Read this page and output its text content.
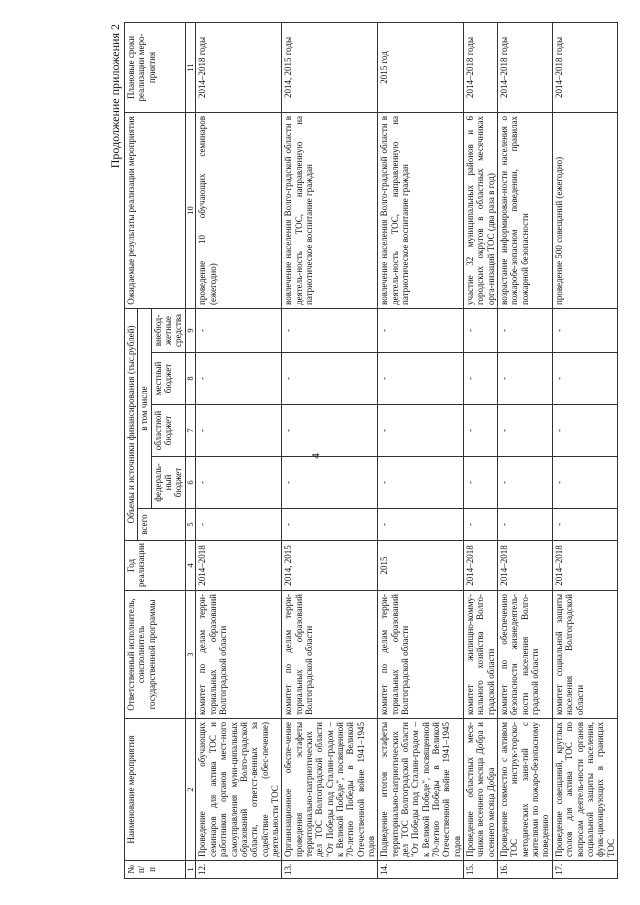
4
Продолжение приложения 2
№ п/п	Наименование мероприятия	Ответственный исполнитель, соисполнитель государственной программы	Год реализации	Объемы и источники финансирования (тыс.рублей)					Ожидаемые результаты реализации мероприятия	Плановые сроки реализации меро-приятия
				всего	в том числе					
					федераль-ный бюджет	областной бюджет	местный бюджет	внебюд-жетные средства		
1	2	3	4	5	6	7	8	9	10	11
12.	Проведение обучающих семинаров для актива ТОС и работников органов мест-ного самоуправления муни-ципальных образований Волго-градской области, ответст-венных за содействие (обес-печение) деятельности ТОС	комитет по делам терри-ториальных образований Волгоградской области	2014–2018	-	-	-	-	-	проведение 10 обучающих семинаров (ежегодно)	2014–2018 годы
13.	Организационное обеспе-чение проведения эстафеты территориально-патриотических дел ТОС Волгоградской области "От Победы под Сталин-градом – к Великой Победе", посвященной 70-летию Победы в Великой Отечественной войне 1941–1945 годов	комитет по делам терри-ториальных образований Волгоградской области	2014, 2015	-	-	-	-	-	вовлечение населения Волго-градской области в деятель-ность ТОС, направленную на патриотическое воспитание граждан	2014, 2015 годы
14.	Подведение итогов эстафеты территориально-патриотических дел ТОС Волгоградской области "От Победы под Сталин-градом – к Великой Победе", посвященной 70-летию Победы в Великой Отечественной войне 1941–1945 годов	комитет по делам терри-ториальных образований Волгоградской области	2015	-	-	-	-	-	вовлечение населения Волго-градской области в деятель-ность ТОС, направленную на патриотическое воспитание граждан	2015 год
15.	Проведение областных меся-чников весеннего месяца Добра и осеннего месяца Добра	комитет жилищно-комму-нального хозяйства Волго-градской области	2014–2018	-	-	-	-	-	участие 32 муниципальных районов и 6 городских округов в областных месячниках орга-низаций ТОС (два раза в год)	2014–2018 годы
16.	Проведение совместно с активом ТОС инструк-торско-методических заня-тий с жителями по пожаро-безопасному поведению	комитет по обеспечению безопасности жизнедеятель-ности населения Волго-градской области	2014–2018	-	-	-	-	-	возрастание информирован-ности населения о пожаробе-зопасном поведении, правилах пожарной безопасности	2014–2018 годы
17.	Проведение совещаний, круглых столов для актива ТОС по вопросам деятель-ности органов социальной защиты населения, функ-ционирующих в границах ТОС	комитет социальной защиты населения Волгоградской области	2014–2018	-	-	-	-	-	проведение 500 совещаний (ежегодно)	2014–2018 годы
